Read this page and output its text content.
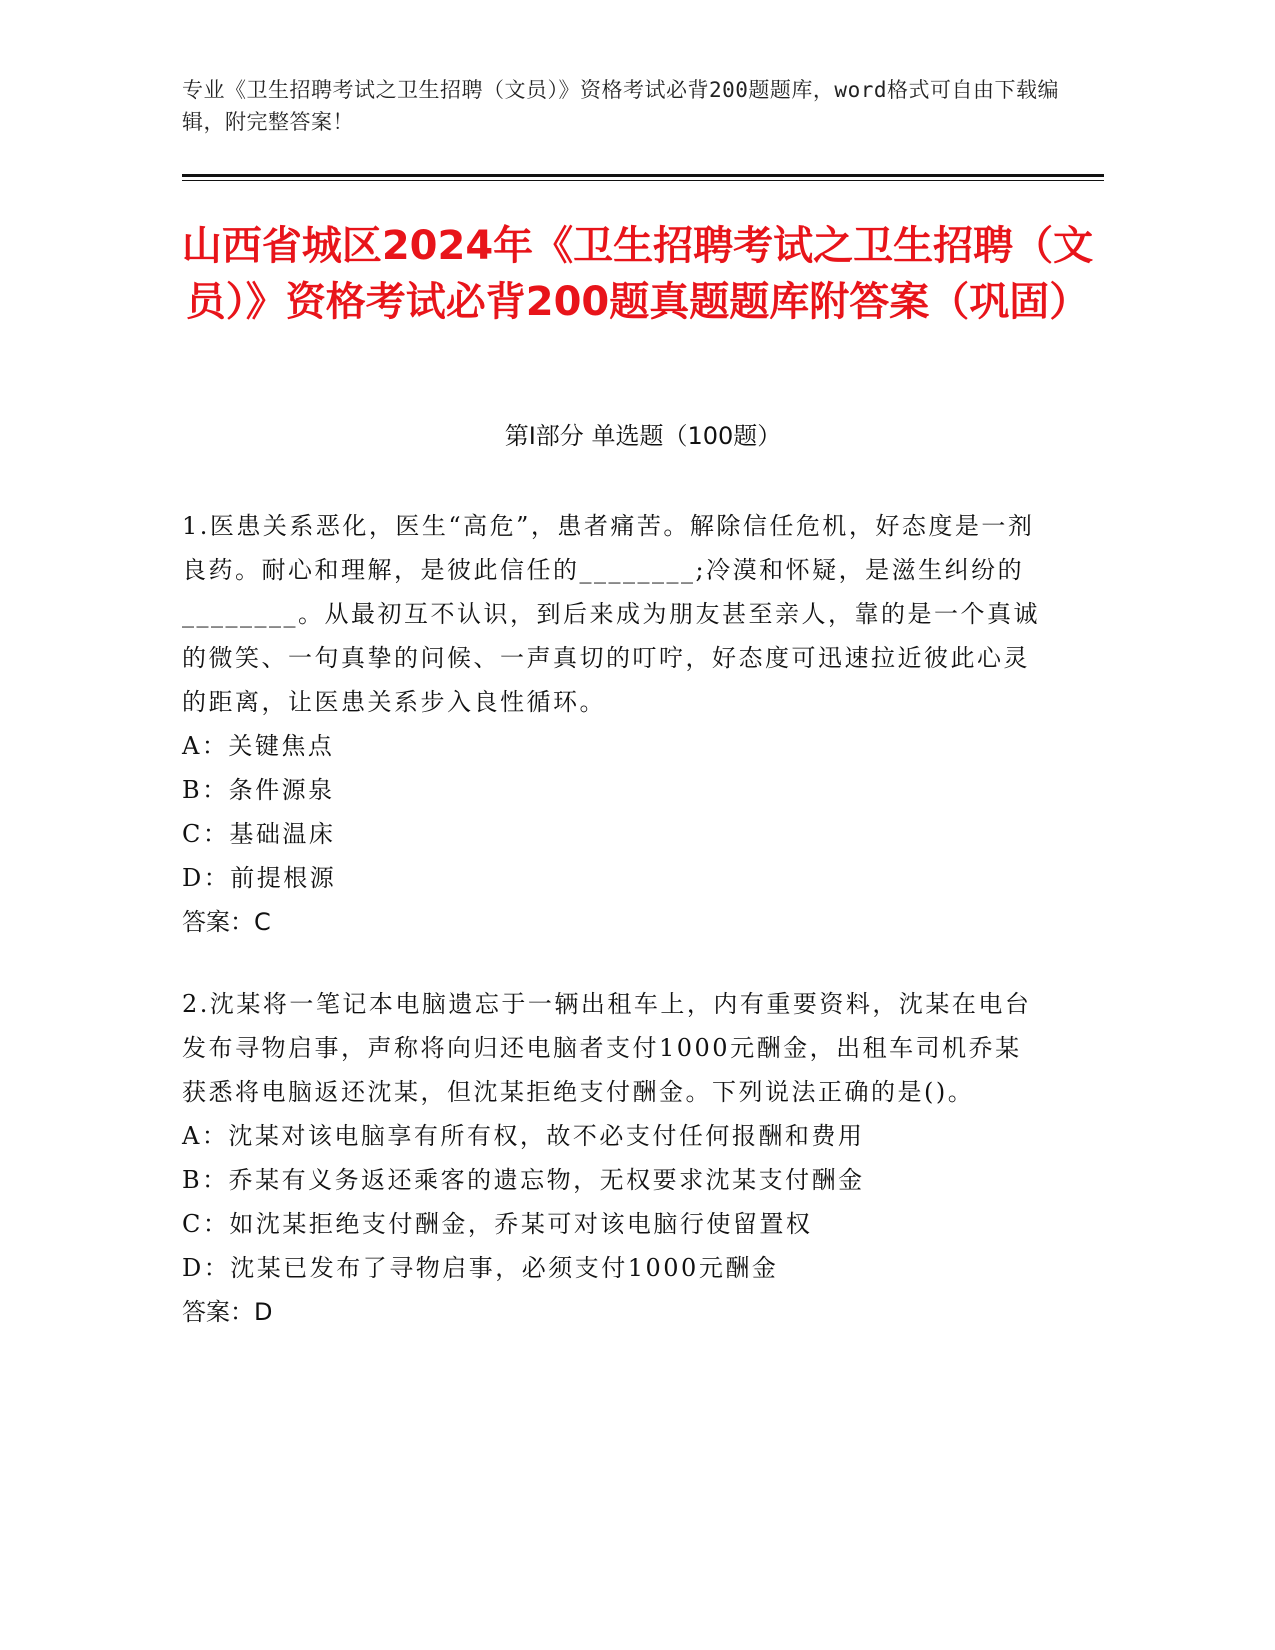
专业《卫生招聘考试之卫生招聘（文员）》资格考试必背200题题库，word格式可自由下载编辑，附完整答案！
山西省城区2024年《卫生招聘考试之卫生招聘（文员）》资格考试必背200题真题题库附答案（巩固）
第Ⅰ部分 单选题（100题）

1.医患关系恶化，医生“高危”，患者痛苦。解除信任危机，好态度是一剂良药。耐心和理解，是彼此信任的________;冷漠和怀疑，是滋生纠纷的________。从最初互不认识，到后来成为朋友甚至亲人，靠的是一个真诚的微笑、一句真挚的问候、一声真切的叮咛，好态度可迅速拉近彼此心灵的距离，让医患关系步入良性循环。

A：关键焦点

B：条件源泉

C：基础温床

D：前提根源

答案：C

2.沈某将一笔记本电脑遗忘于一辆出租车上，内有重要资料，沈某在电台发布寻物启事，声称将向归还电脑者支付1000元酬金，出租车司机乔某获悉将电脑返还沈某，但沈某拒绝支付酬金。下列说法正确的是()。

A：沈某对该电脑享有所有权，故不必支付任何报酬和费用

B：乔某有义务返还乘客的遗忘物，无权要求沈某支付酬金

C：如沈某拒绝支付酬金，乔某可对该电脑行使留置权

D：沈某已发布了寻物启事，必须支付1000元酬金

答案：D
